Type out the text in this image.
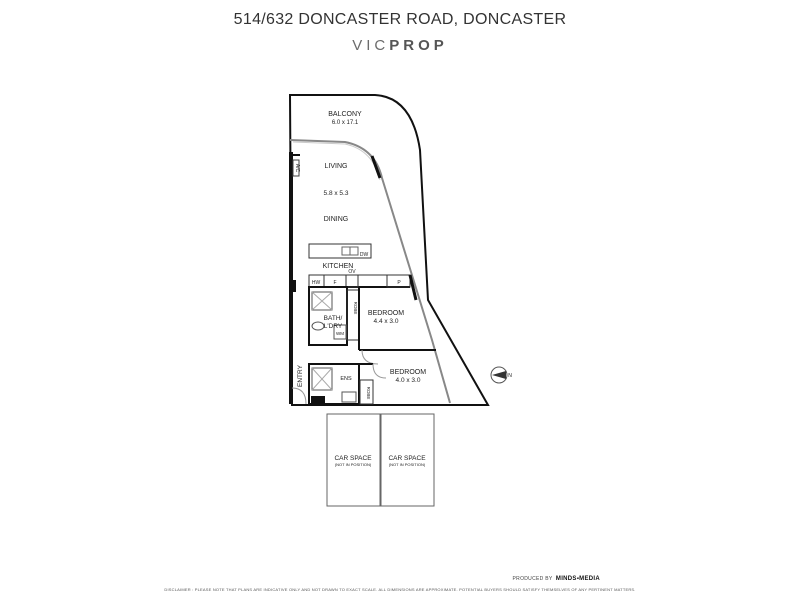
514/632 DONCASTER ROAD, DONCASTER
VICPROP
BALCONY
6.0 x 17.1
LIVING
5.8 x 5.3
DINING
KITCHEN
BATH/
L'DRY
BEDROOM
4.4 x 3.0
BEDROOM
4.0 x 3.0
ENS
ENTRY
A/C
DW
OV
HW	F	P
ROBE
ROBE
WM
CAR SPACE
(NOT IN POSITION)
CAR SPACE
(NOT IN POSITION)
N
PRODUCED BY MINDS▪MEDIA
DISCLAIMER : PLEASE NOTE THAT PLANS ARE INDICATIVE ONLY AND NOT DRAWN TO EXACT SCALE. ALL DIMENSIONS ARE APPROXIMATE. POTENTIAL BUYERS SHOULD SATISFY THEMSELVES OF ANY PERTINENT MATTERS.
